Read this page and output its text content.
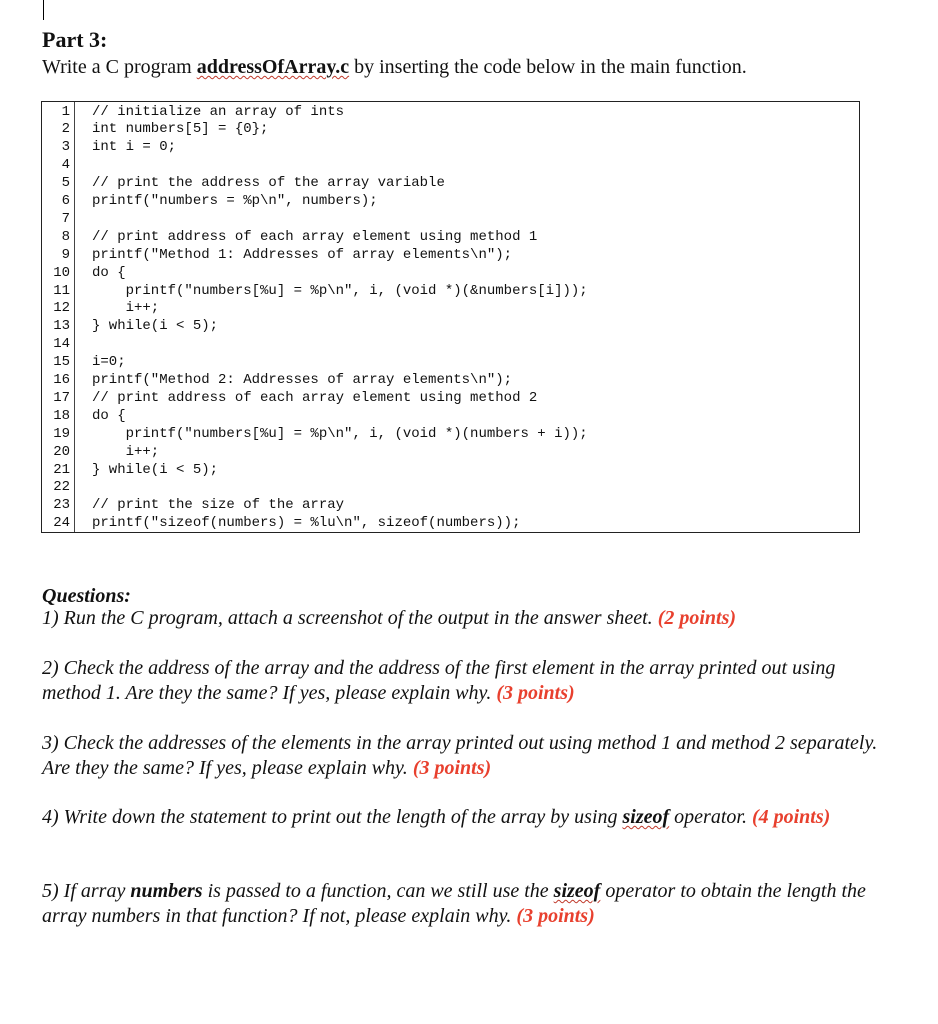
Part 3:

Write a C program addressOfArray.c by inserting the code below in the main function.

1 // initialize an array of ints
2 int numbers[5] = {0};
3 int i = 0;
4
5 // print the address of the array variable
6 printf("numbers = %p\n", numbers);
7
8 // print address of each array element using method 1
9 printf("Method 1: Addresses of array elements\n");
10 do {
11 printf("numbers[%u] = %p\n", i, (void *)(&numbers[i]));
12 i++;
13 } while(i < 5);
14
15 i=0;
16 printf("Method 2: Addresses of array elements\n");
17 // print address of each array element using method 2
18 do {
19 printf("numbers[%u] = %p\n", i, (void *)(numbers + i));
20 i++;
21 } while(i < 5);
22
23 // print the size of the array
24 printf("sizeof(numbers) = %lu\n", sizeof(numbers));
Questions:

1) Run the C program, attach a screenshot of the output in the answer sheet. (2 points)

2) Check the address of the array and the address of the first element in the array printed out using method 1. Are they the same? If yes, please explain why. (3 points)

3) Check the addresses of the elements in the array printed out using method 1 and method 2 separately. Are they the same? If yes, please explain why. (3 points)

4) Write down the statement to print out the length of the array by using sizeof operator. (4 points)

5) If array numbers is passed to a function, can we still use the sizeof operator to obtain the length the array numbers in that function? If not, please explain why. (3 points)
